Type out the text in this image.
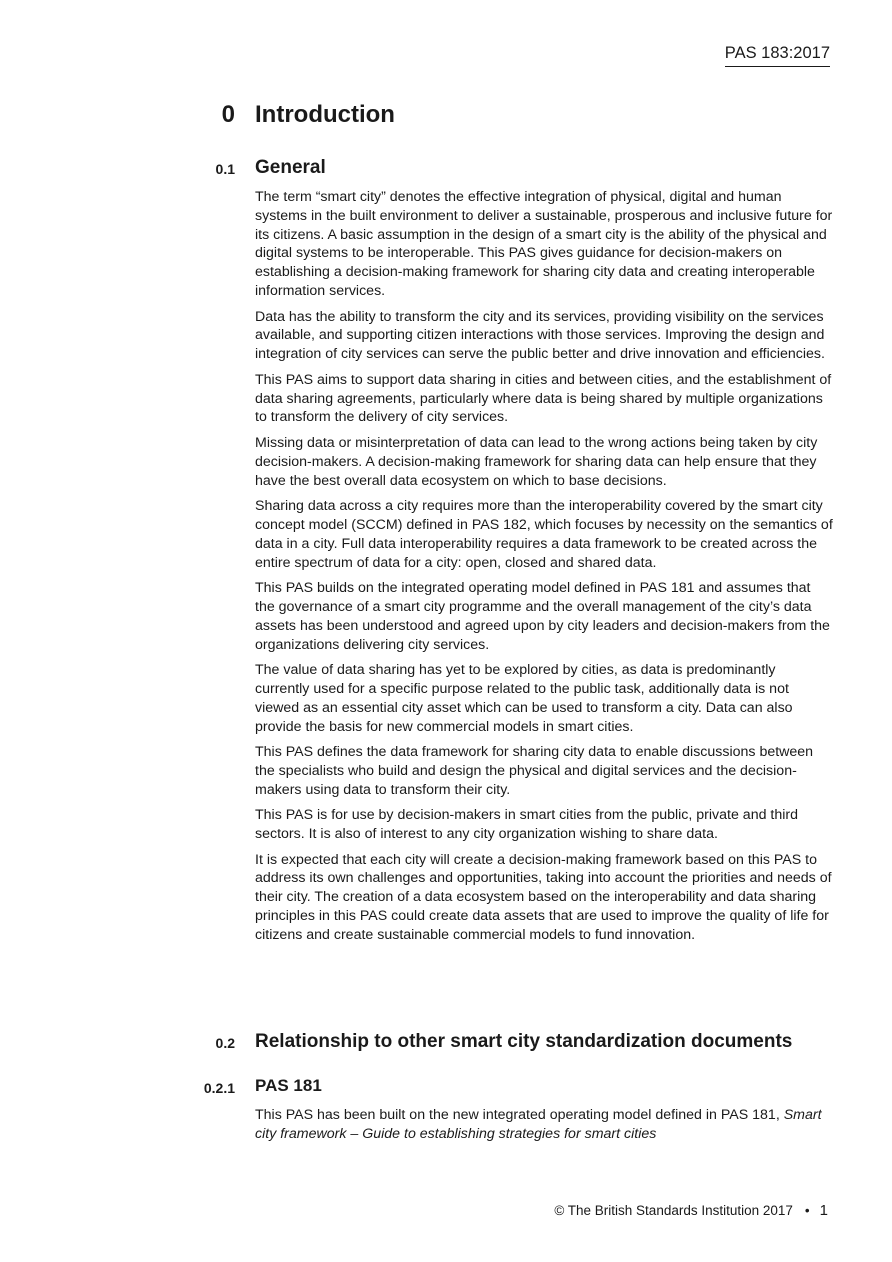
PAS 183:2017
0 Introduction
0.1 General

The term “smart city” denotes the effective integration of physical, digital and human systems in the built environment to deliver a sustainable, prosperous and inclusive future for its citizens. A basic assumption in the design of a smart city is the ability of the physical and digital systems to be interoperable. This PAS gives guidance for decision-makers on establishing a decision-making framework for sharing city data and creating interoperable information services.

Data has the ability to transform the city and its services, providing visibility on the services available, and supporting citizen interactions with those services. Improving the design and integration of city services can serve the public better and drive innovation and efficiencies.

This PAS aims to support data sharing in cities and between cities, and the establishment of data sharing agreements, particularly where data is being shared by multiple organizations to transform the delivery of city services.

Missing data or misinterpretation of data can lead to the wrong actions being taken by city decision-makers. A decision-making framework for sharing data can help ensure that they have the best overall data ecosystem on which to base decisions.

Sharing data across a city requires more than the interoperability covered by the smart city concept model (SCCM) defined in PAS 182, which focuses by necessity on the semantics of data in a city. Full data interoperability requires a data framework to be created across the entire spectrum of data for a city: open, closed and shared data.

This PAS builds on the integrated operating model defined in PAS 181 and assumes that the governance of a smart city programme and the overall management of the city’s data assets has been understood and agreed upon by city leaders and decision-makers from the organizations delivering city services.

The value of data sharing has yet to be explored by cities, as data is predominantly currently used for a specific purpose related to the public task, additionally data is not viewed as an essential city asset which can be used to transform a city. Data can also provide the basis for new commercial models in smart cities.

This PAS defines the data framework for sharing city data to enable discussions between the specialists who build and design the physical and digital services and the decision-makers using data to transform their city.

This PAS is for use by decision-makers in smart cities from the public, private and third sectors. It is also of interest to any city organization wishing to share data.

It is expected that each city will create a decision-making framework based on this PAS to address its own challenges and opportunities, taking into account the priorities and needs of their city. The creation of a data ecosystem based on the interoperability and data sharing principles in this PAS could create data assets that are used to improve the quality of life for citizens and create sustainable commercial models to fund innovation.

0.2 Relationship to other smart city standardization documents
0.2.1 PAS 181

This PAS has been built on the new integrated operating model defined in PAS 181, Smart city framework – Guide to establishing strategies for smart cities

© The British Standards Institution 2017 • 1
